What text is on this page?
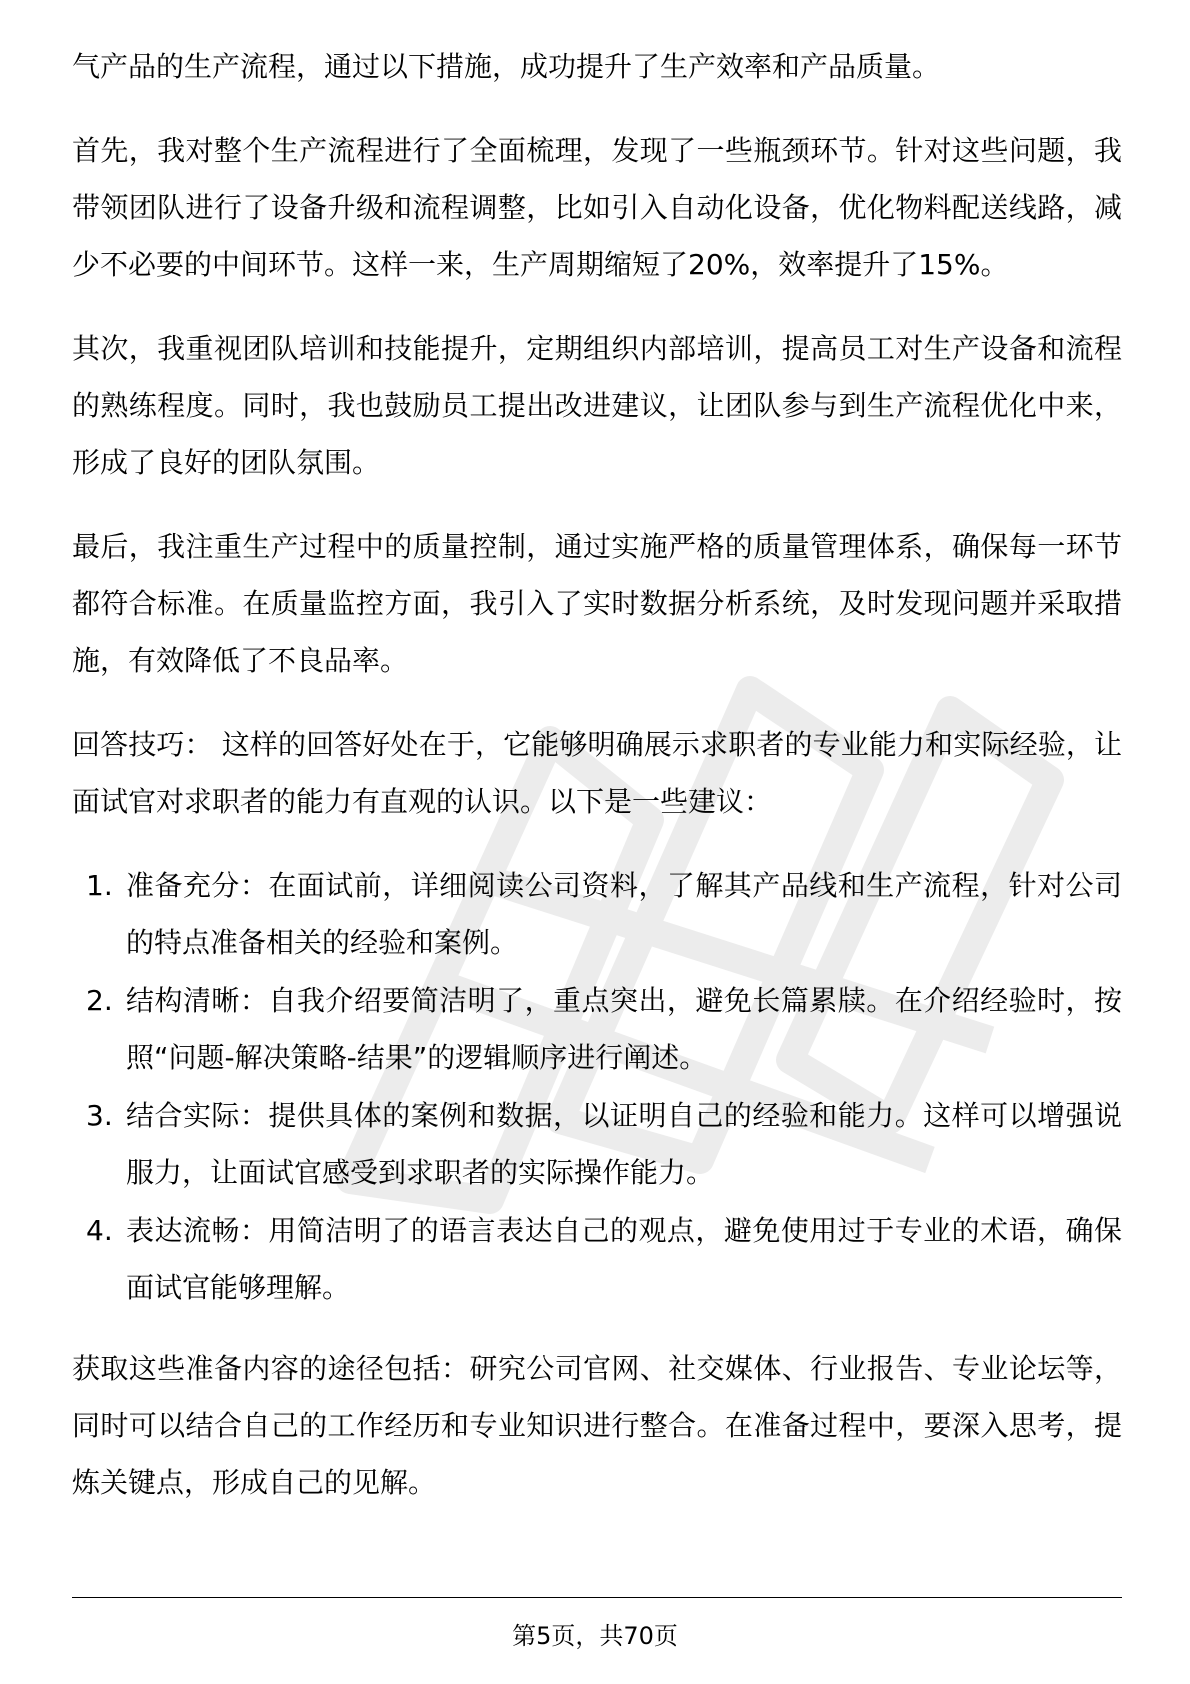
气产品的生产流程，通过以下措施，成功提升了生产效率和产品质量。

首先，我对整个生产流程进行了全面梳理，发现了一些瓶颈环节。针对这些问题，我带领团队进行了设备升级和流程调整，比如引入自动化设备，优化物料配送线路，减少不必要的中间环节。这样一来，生产周期缩短了20%，效率提升了15%。

其次，我重视团队培训和技能提升，定期组织内部培训，提高员工对生产设备和流程的熟练程度。同时，我也鼓励员工提出改进建议，让团队参与到生产流程优化中来，形成了良好的团队氛围。

最后，我注重生产过程中的质量控制，通过实施严格的质量管理体系，确保每一环节都符合标准。在质量监控方面，我引入了实时数据分析系统，及时发现问题并采取措施，有效降低了不良品率。

回答技巧： 这样的回答好处在于，它能够明确展示求职者的专业能力和实际经验，让面试官对求职者的能力有直观的认识。以下是一些建议：

1. 准备充分：在面试前，详细阅读公司资料，了解其产品线和生产流程，针对公司的特点准备相关的经验和案例。
2. 结构清晰：自我介绍要简洁明了，重点突出，避免长篇累牍。在介绍经验时，按照“问题-解决策略-结果”的逻辑顺序进行阐述。
3. 结合实际：提供具体的案例和数据，以证明自己的经验和能力。这样可以增强说服力，让面试官感受到求职者的实际操作能力。
4. 表达流畅：用简洁明了的语言表达自己的观点，避免使用过于专业的术语，确保面试官能够理解。

获取这些准备内容的途径包括：研究公司官网、社交媒体、行业报告、专业论坛等，同时可以结合自己的工作经历和专业知识进行整合。在准备过程中，要深入思考，提炼关键点，形成自己的见解。

第5页，共70页
